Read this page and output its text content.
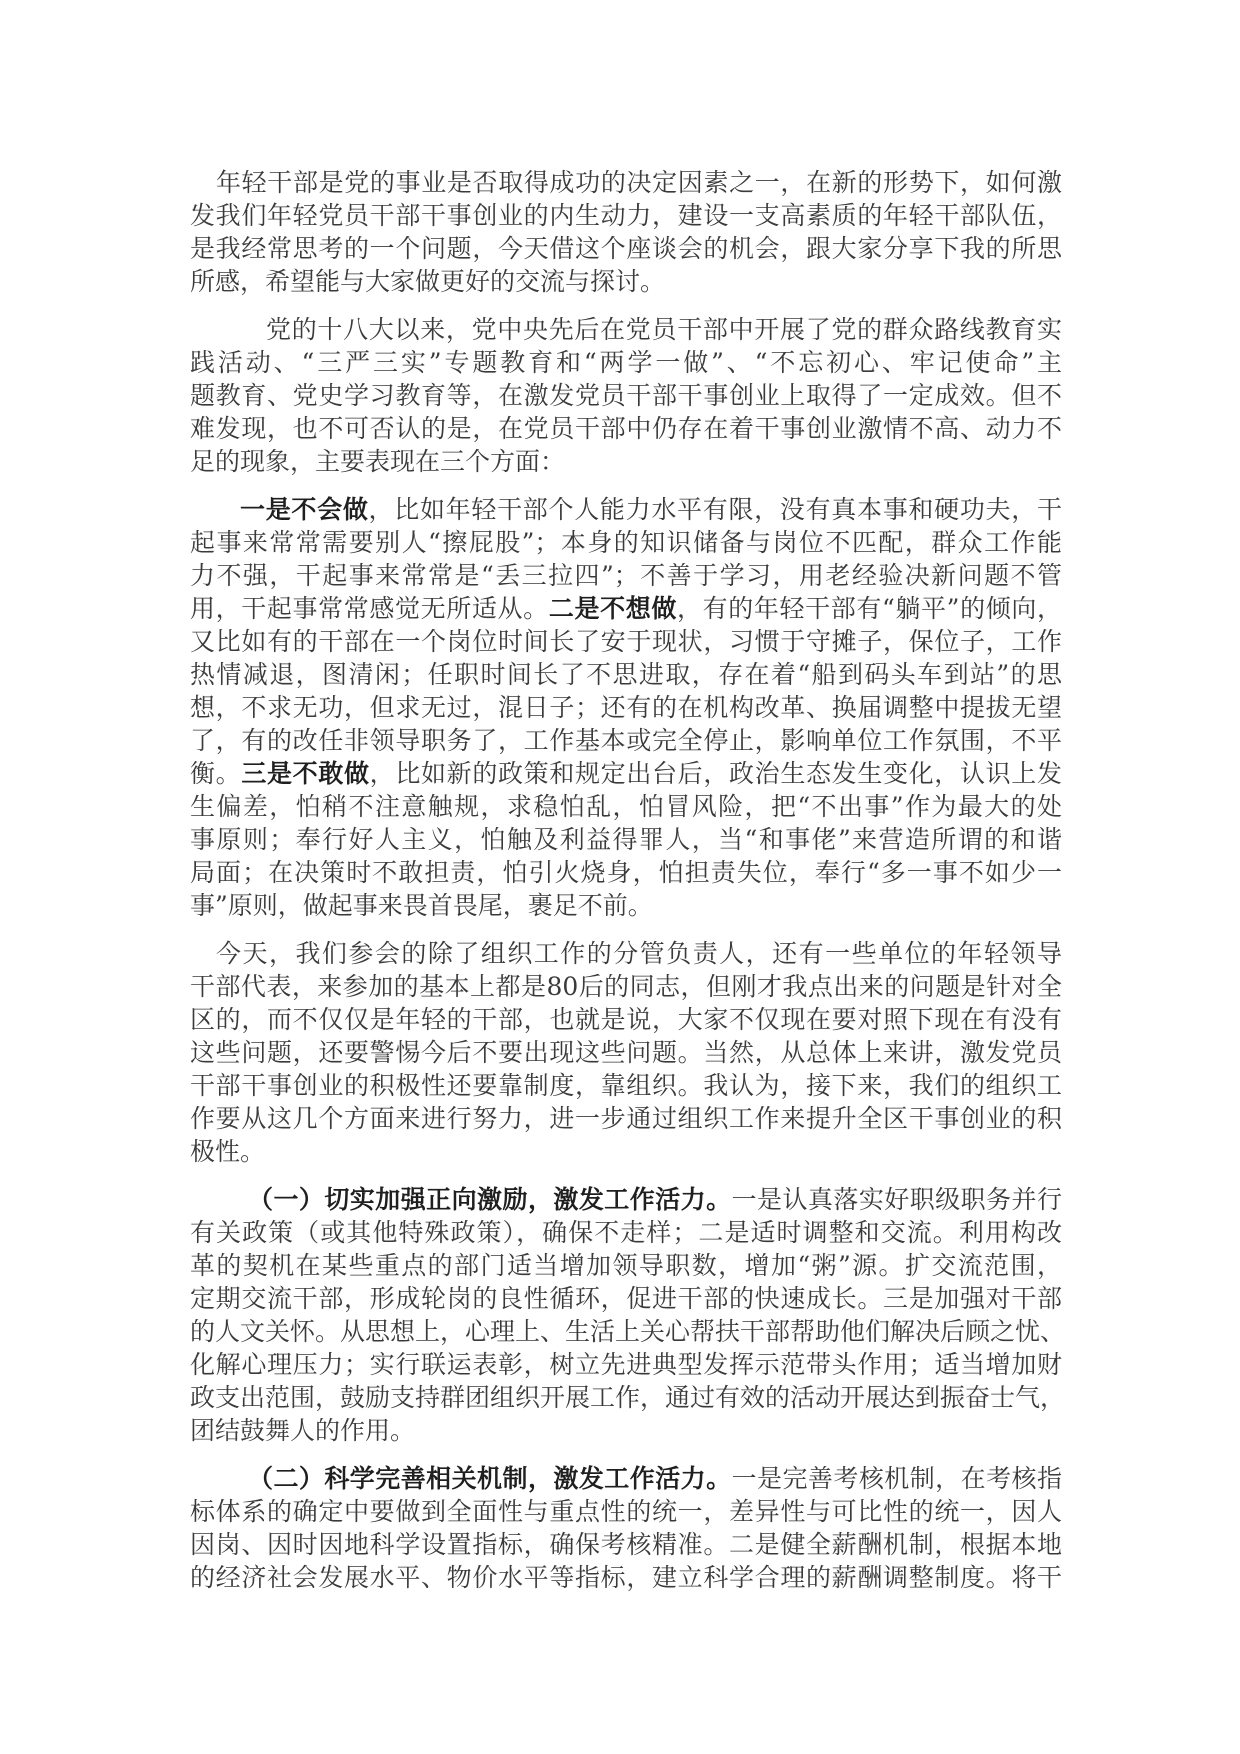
年轻干部是党的事业是否取得成功的决定因素之一，在新的形势下，如何激
发我们年轻党员干部干事创业的内生动力，建设一支高素质的年轻干部队伍，
是我经常思考的一个问题，今天借这个座谈会的机会，跟大家分享下我的所思
所感，希望能与大家做更好的交流与探讨。
党的十八大以来，党中央先后在党员干部中开展了党的群众路线教育实
践活动、“三严三实”专题教育和“两学一做”、“不忘初心、牢记使命”主
题教育、党史学习教育等，在激发党员干部干事创业上取得了一定成效。但不
难发现，也不可否认的是，在党员干部中仍存在着干事创业激情不高、动力不
足的现象，主要表现在三个方面：
一是不会做，比如年轻干部个人能力水平有限，没有真本事和硬功夫，干
起事来常常需要别人“擦屁股”；本身的知识储备与岗位不匹配，群众工作能
力不强，干起事来常常是“丢三拉四”；不善于学习，用老经验决新问题不管
用，干起事常常感觉无所适从。二是不想做，有的年轻干部有“躺平”的倾向，
又比如有的干部在一个岗位时间长了安于现状，习惯于守摊子，保位子，工作
热情减退，图清闲；任职时间长了不思进取，存在着“船到码头车到站”的思
想，不求无功，但求无过，混日子；还有的在机构改革、换届调整中提拔无望
了，有的改任非领导职务了，工作基本或完全停止，影响单位工作氛围，不平
衡。三是不敢做，比如新的政策和规定出台后，政治生态发生变化，认识上发
生偏差，怕稍不注意触规，求稳怕乱，怕冒风险，把“不出事”作为最大的处
事原则；奉行好人主义，怕触及利益得罪人，当“和事佬”来营造所谓的和谐
局面；在决策时不敢担责，怕引火烧身，怕担责失位，奉行“多一事不如少一
事”原则，做起事来畏首畏尾，裹足不前。
今天，我们参会的除了组织工作的分管负责人，还有一些单位的年轻领导
干部代表，来参加的基本上都是80后的同志，但刚才我点出来的问题是针对全
区的，而不仅仅是年轻的干部，也就是说，大家不仅现在要对照下现在有没有
这些问题，还要警惕今后不要出现这些问题。当然，从总体上来讲，激发党员
干部干事创业的积极性还要靠制度，靠组织。我认为，接下来，我们的组织工
作要从这几个方面来进行努力，进一步通过组织工作来提升全区干事创业的积
极性。
（一）切实加强正向激励，激发工作活力。一是认真落实好职级职务并行
有关政策（或其他特殊政策），确保不走样；二是适时调整和交流。利用构改
革的契机在某些重点的部门适当增加领导职数，增加“粥”源。扩交流范围，
定期交流干部，形成轮岗的良性循环，促进干部的快速成长。三是加强对干部
的人文关怀。从思想上，心理上、生活上关心帮扶干部帮助他们解决后顾之忧、
化解心理压力；实行联运表彰，树立先进典型发挥示范带头作用；适当增加财
政支出范围，鼓励支持群团组织开展工作，通过有效的活动开展达到振奋士气，
团结鼓舞人的作用。
（二）科学完善相关机制，激发工作活力。一是完善考核机制，在考核指
标体系的确定中要做到全面性与重点性的统一，差异性与可比性的统一，因人
因岗、因时因地科学设置指标，确保考核精准。二是健全薪酬机制，根据本地
的经济社会发展水平、物价水平等指标，建立科学合理的薪酬调整制度。将干
